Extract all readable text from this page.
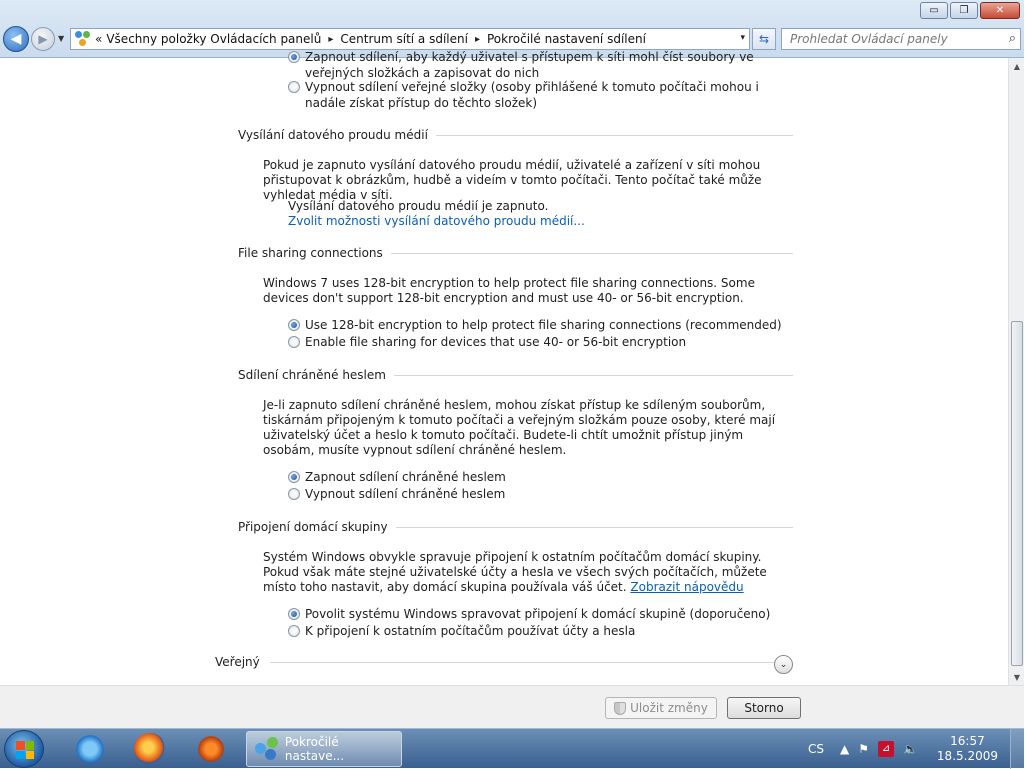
▭	❐	✕
◀ ▶ ▼	« Všechny položky Ovládacích panelů ▸ Centrum sítí a sdílení ▸ Pokročilé nastavení sdílení	▾ ⇆ Prohledat Ovládací panely	⌕
Zapnout sdílení, aby každý uživatel s přístupem k síti mohl číst soubory ve veřejných složkách a zapisovat do nich
Vypnout sdílení veřejné složky (osoby přihlášené k tomuto počítači mohou i nadále získat přístup do těchto složek)
Vysílání datového proudu médií
Pokud je zapnuto vysílání datového proudu médií, uživatelé a zařízení v síti mohou přistupovat k obrázkům, hudbě a videím v tomto počítači. Tento počítač také může vyhledat média v síti.
Vysílání datového proudu médií je zapnuto.
Zvolit možnosti vysílání datového proudu médií...
File sharing connections
Windows 7 uses 128-bit encryption to help protect file sharing connections. Some devices don't support 128-bit encryption and must use 40- or 56-bit encryption.
Use 128-bit encryption to help protect file sharing connections (recommended)
Enable file sharing for devices that use 40- or 56-bit encryption
Sdílení chráněné heslem
Je-li zapnuto sdílení chráněné heslem, mohou získat přístup ke sdíleným souborům, tiskárnám připojeným k tomuto počítači a veřejným složkám pouze osoby, které mají uživatelský účet a heslo k tomuto počítači. Budete-li chtít umožnit přístup jiným osobám, musíte vypnout sdílení chráněné heslem.
Zapnout sdílení chráněné heslem
Vypnout sdílení chráněné heslem
Připojení domácí skupiny
Systém Windows obvykle spravuje připojení k ostatním počítačům domácí skupiny. Pokud však máte stejné uživatelské účty a hesla ve všech svých počítačích, můžete místo toho nastavit, aby domácí skupina používala váš účet. Zobrazit nápovědu
Povolit systému Windows spravovat připojení k domácí skupině (doporučeno)
K připojení k ostatním počítačům používat účty a hesla
Veřejný	⌄
▲
▼
Uložit změny	Storno
Pokročilé nastave...	CS ▲ ⚑	⊿	🔈
16:57
18.5.2009
